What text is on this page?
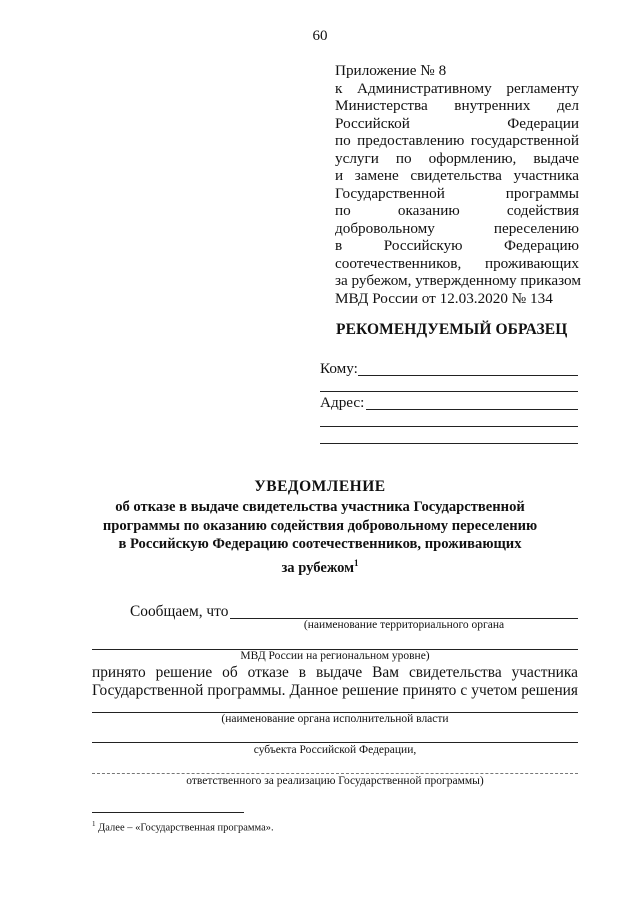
60
Приложение № 8
к Административному регламенту
Министерства внутренних дел
Российской Федерации
по предоставлению государственной
услуги по оформлению, выдаче
и замене свидетельства участника
Государственной программы
по оказанию содействия
добровольному переселению
в Российскую Федерацию
соотечественников, проживающих
за рубежом, утвержденному приказом
МВД России от 12.03.2020 № 134
РЕКОМЕНДУЕМЫЙ ОБРАЗЕЦ
Кому:
Адрес:
УВЕДОМЛЕНИЕ
об отказе в выдаче свидетельства участника Государственной
программы по оказанию содействия добровольному переселению
в Российскую Федерацию соотечественников, проживающих
за рубежом$^1$
Сообщаем, что
(наименование территориального органа
МВД России на региональном уровне)
принято решение об отказе в выдаче Вам свидетельства участника
Государственной программы. Данное решение принято с учетом решения
(наименование органа исполнительной власти
субъекта Российской Федерации,
ответственного за реализацию Государственной программы)
$^1$ Далее – «Государственная программа».
